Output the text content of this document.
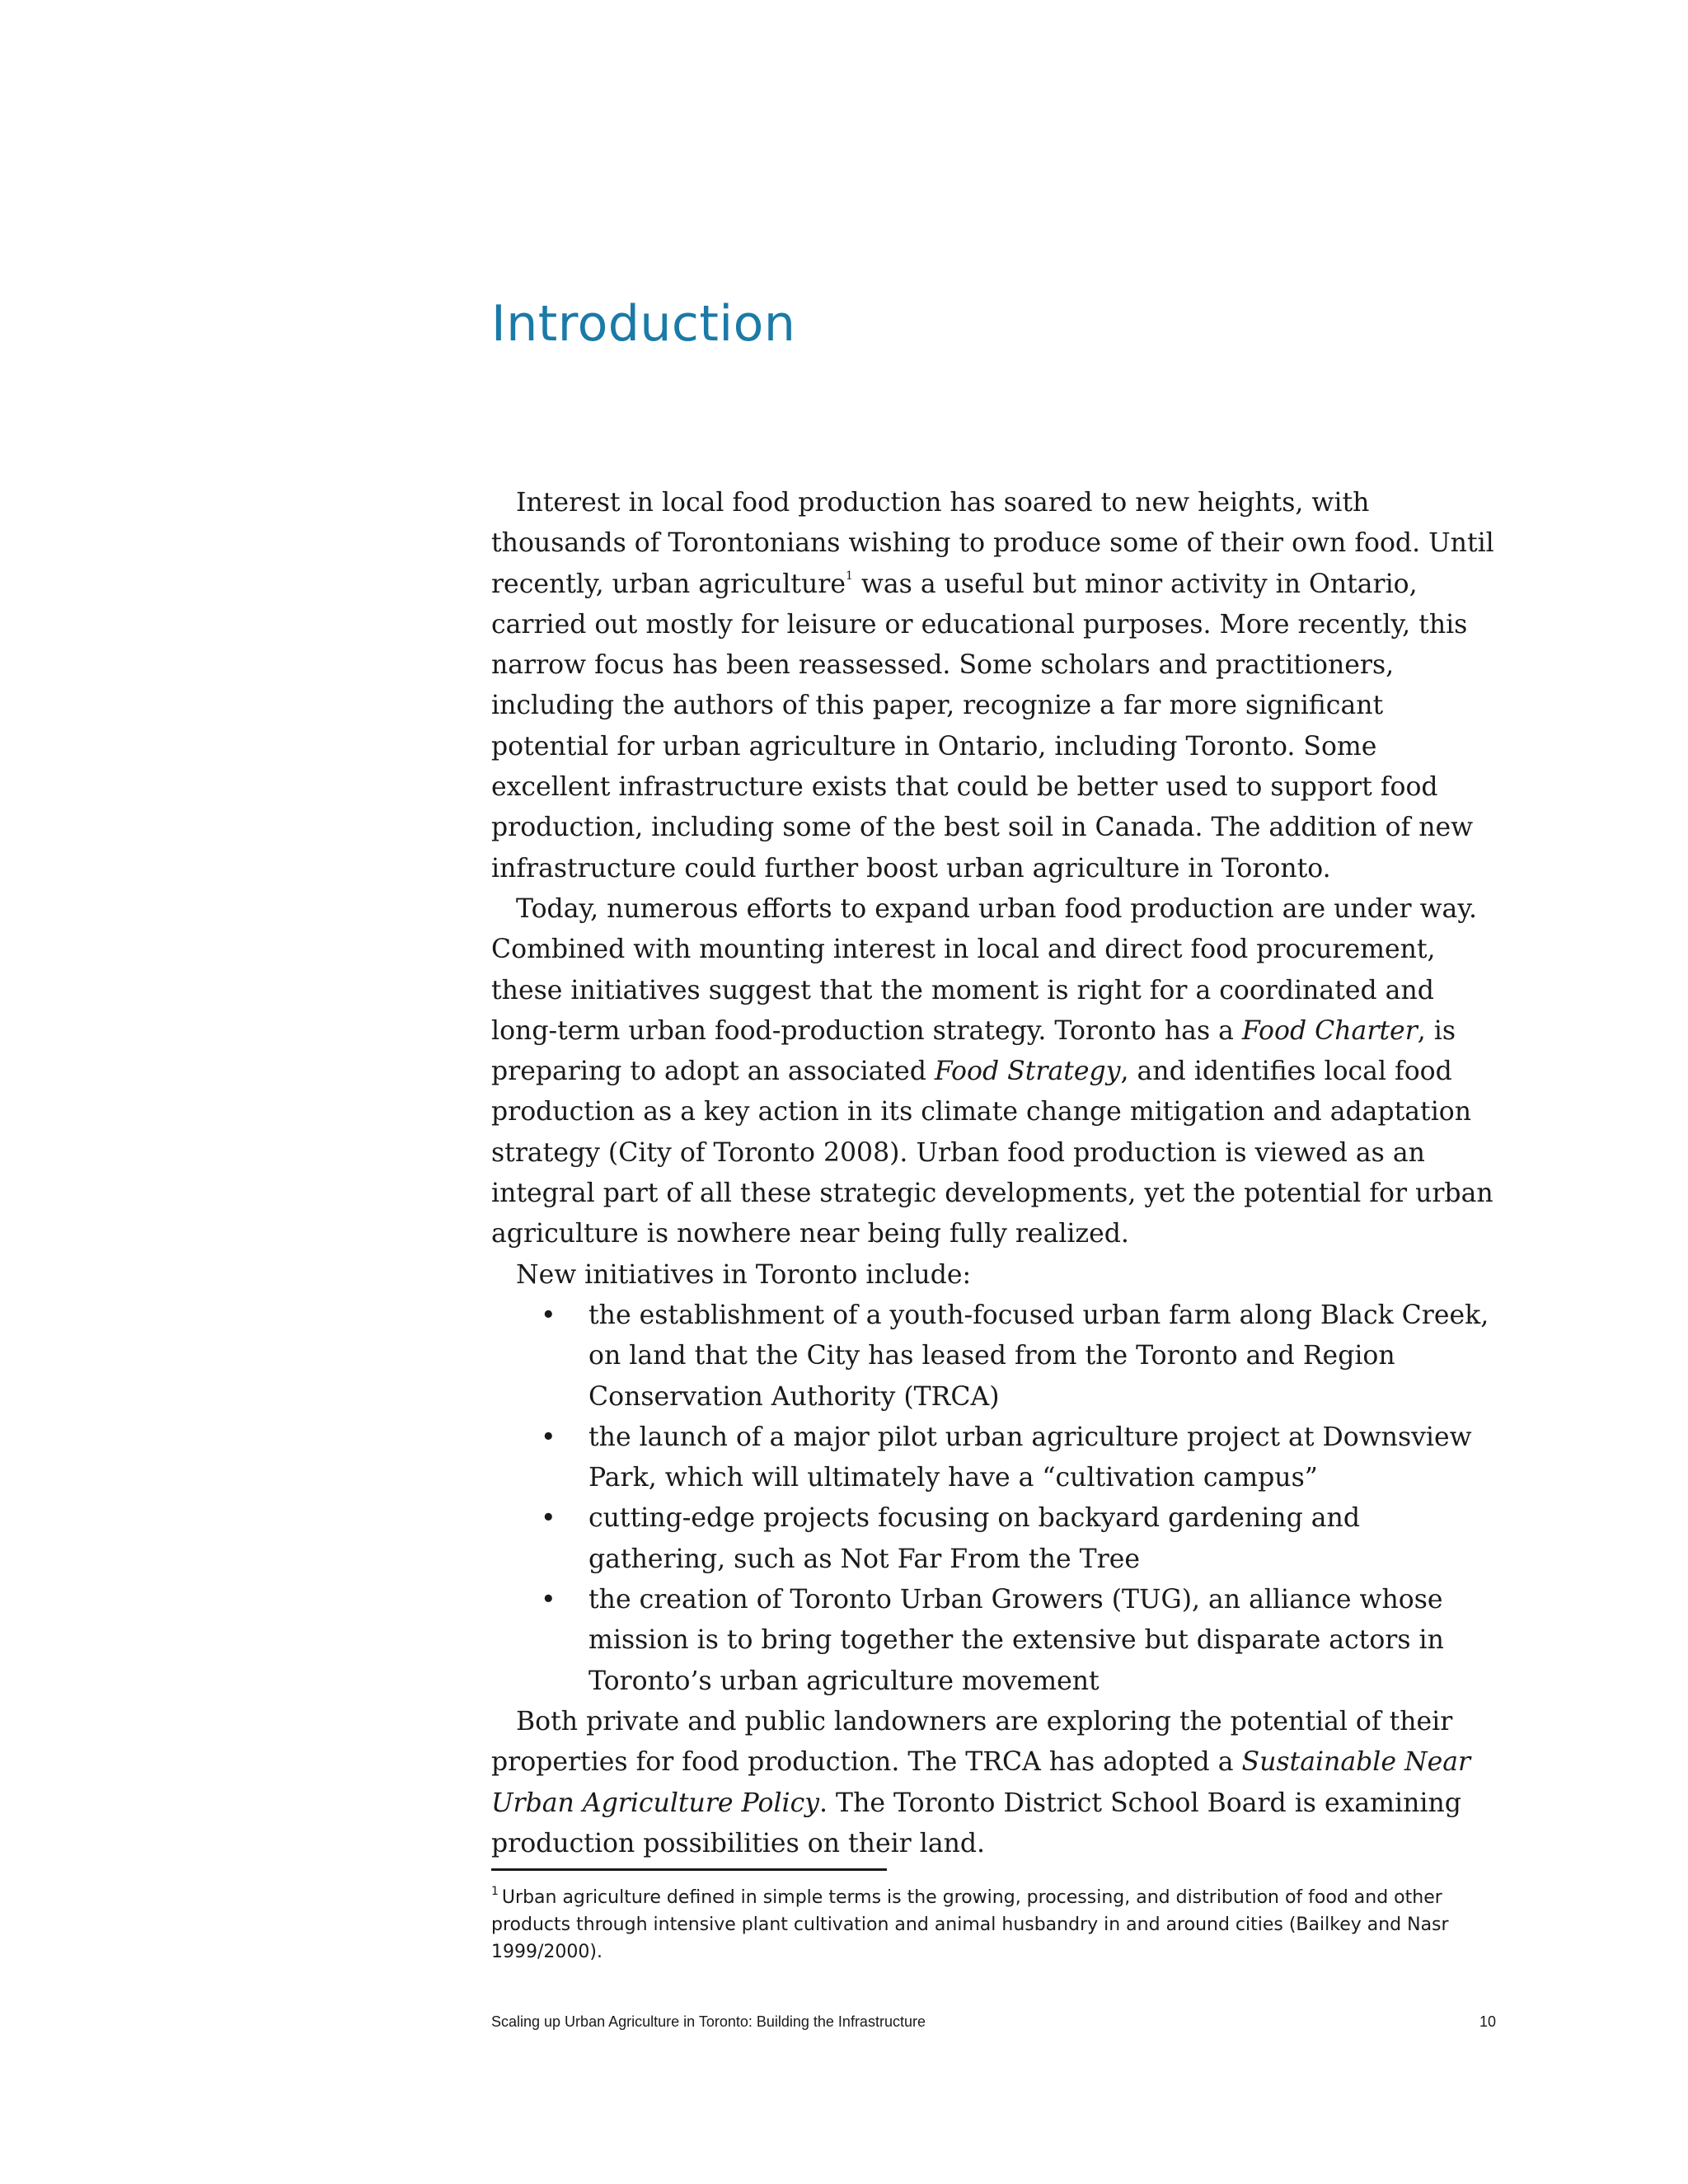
Introduction

Interest in local food production has soared to new heights, with thousands of Torontonians wishing to produce some of their own food. Until recently, urban agriculture$^1$ was a useful but minor activity in Ontario, carried out mostly for leisure or educational purposes. More recently, this narrow focus has been reassessed. Some scholars and practitioners, including the authors of this paper, recognize a far more significant potential for urban agriculture in Ontario, including Toronto. Some excellent infrastructure exists that could be better used to support food production, including some of the best soil in Canada. The addition of new infrastructure could further boost urban agriculture in Toronto.

Today, numerous efforts to expand urban food production are under way. Combined with mounting interest in local and direct food procurement, these initiatives suggest that the moment is right for a coordinated and long-term urban food-production strategy. Toronto has a Food Charter, is preparing to adopt an associated Food Strategy, and identifies local food production as a key action in its climate change mitigation and adaptation strategy (City of Toronto 2008). Urban food production is viewed as an integral part of all these strategic developments, yet the potential for urban agriculture is nowhere near being fully realized.

New initiatives in Toronto include:

• the establishment of a youth-focused urban farm along Black Creek, on land that the City has leased from the Toronto and Region Conservation Authority (TRCA)
• the launch of a major pilot urban agriculture project at Downsview Park, which will ultimately have a “cultivation campus”
• cutting-edge projects focusing on backyard gardening and gathering, such as Not Far From the Tree
• the creation of Toronto Urban Growers (TUG), an alliance whose mission is to bring together the extensive but disparate actors in Toronto’s urban agriculture movement

Both private and public landowners are exploring the potential of their properties for food production. The TRCA has adopted a Sustainable Near Urban Agriculture Policy. The Toronto District School Board is examining production possibilities on their land.

$^1$ Urban agriculture defined in simple terms is the growing, processing, and distribution of food and other products through intensive plant cultivation and animal husbandry in and around cities (Bailkey and Nasr 1999/2000).

Scaling up Urban Agriculture in Toronto: Building the Infrastructure	10
